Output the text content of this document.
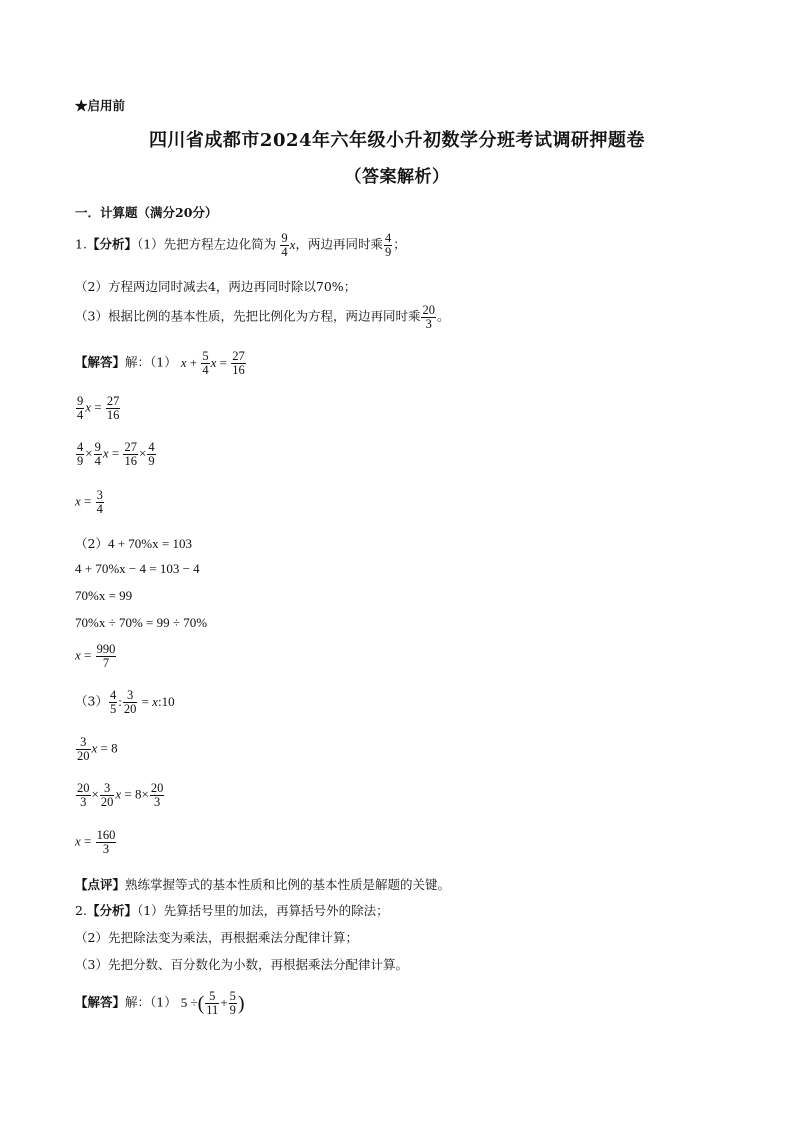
★启用前
四川省成都市2024年六年级小升初数学分班考试调研押题卷
（答案解析）
一．计算题（满分20分）
1.【分析】（1）先把方程左边化简为 $\frac{9}{4}$ x，两边再同时乘 $\frac{4}{9}$ ；
（2）方程两边同时减去4，两边再同时除以70%；
（3）根据比例的基本性质，先把比例化为方程，两边再同时乘 $\frac{20}{3}$ 。
【解答】解：（1） $x + \frac{5}{4}$ $x = \frac{27}{16}$
$\frac{9}{4}$ $x = \frac{27}{16}$
$\frac{4}{9} \times \frac{9}{4}$ $x = \frac{27}{16} \times \frac{4}{9}$
$x = \frac{3}{4}$
（2）4 + 70%x = 103
4 + 70%x − 4 = 103 − 4
70%x = 99
70%x ÷ 70% = 99 ÷ 70%
$x = \frac{990}{7}$
$(3) \frac{4}{5}$ : $\frac{3}{20}$ = x:10
$\frac{3}{20}$ x = 8
$\frac{20}{3} \times \frac{3}{20}$ $x = 8\times \frac{20}{3}$
$x = \frac{160}{3}$
【点评】熟练掌握等式的基本性质和比例的基本性质是解题的关键。
2.【分析】（1）先算括号里的加法，再算括号外的除法；
（2）先把除法变为乘法，再根据乘法分配律计算；
（3）先把分数、百分数化为小数，再根据乘法分配律计算。
【解答】解：（1） 5 ÷( $\frac{5}{11} + \frac{5}{9}$ )
